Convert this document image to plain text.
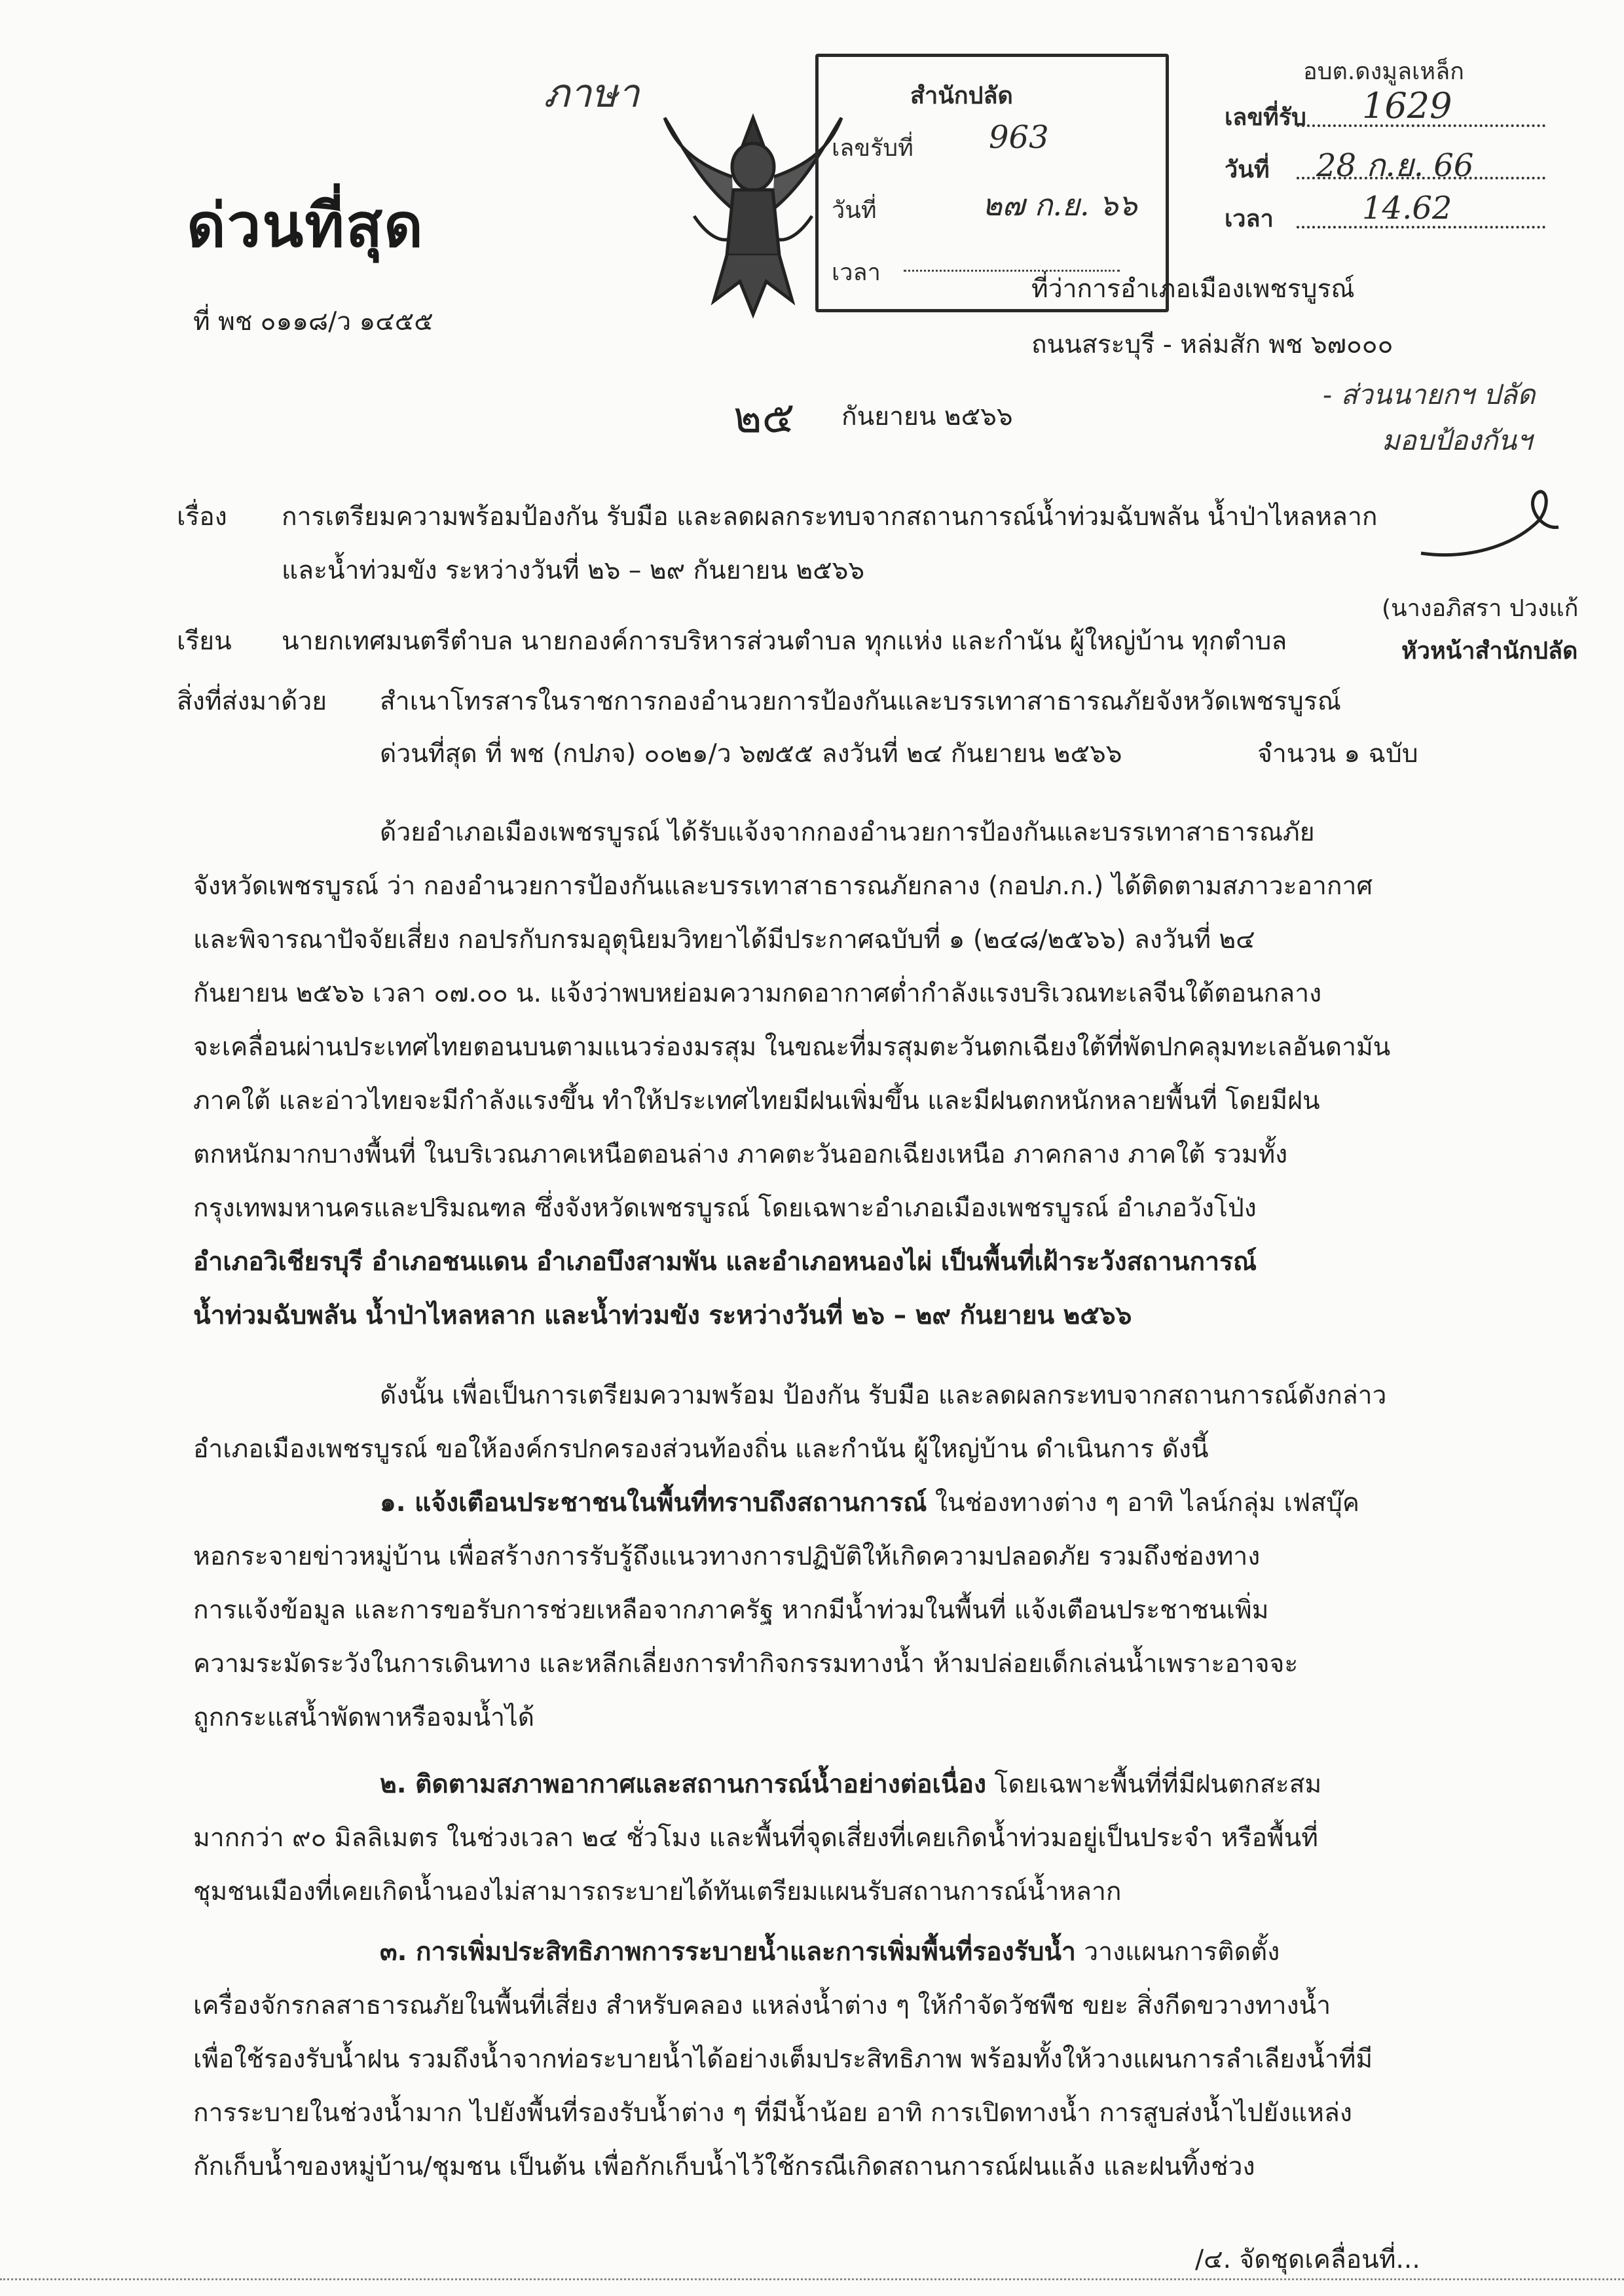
ภาษา
ด่วนที่สุด
ที่ พช ๐๑๑๘/ว ๑๔๕๕
สำนักปลัด
เลขรับที่ 963
วันที่	๒๗ ก.ย. ๖๖
เวลา
อบต.ดงมูลเหล็ก
เลขที่รับ 1629
วันที่ 28 ก.ย. 66
เวลา	14.62
ที่ว่าการอำเภอเมืองเพชรบูรณ์
ถนนสระบุรี - หล่มสัก พช ๖๗๐๐๐
๒๕ กันยายน ๒๕๖๖
- ส่วนนายกฯ ปลัด
มอบป้องกันฯ
(นางอภิสรา ปวงแก้
หัวหน้าสำนักปลัด
เรื่อง การเตรียมความพร้อมป้องกัน รับมือ และลดผลกระทบจากสถานการณ์น้ำท่วมฉับพลัน น้ำป่าไหลหลาก
และน้ำท่วมขัง ระหว่างวันที่ ๒๖ – ๒๙ กันยายน ๒๕๖๖
เรียน นายกเทศมนตรีตำบล นายกองค์การบริหารส่วนตำบล ทุกแห่ง และกำนัน ผู้ใหญ่บ้าน ทุกตำบล
สิ่งที่ส่งมาด้วย สำเนาโทรสารในราชการกองอำนวยการป้องกันและบรรเทาสาธารณภัยจังหวัดเพชรบูรณ์
ด่วนที่สุด ที่ พช (กปภจ) ๐๐๒๑/ว ๖๗๕๕ ลงวันที่ ๒๔ กันยายน ๒๕๖๖	จำนวน ๑ ฉบับ
ด้วยอำเภอเมืองเพชรบูรณ์ ได้รับแจ้งจากกองอำนวยการป้องกันและบรรเทาสาธารณภัย
จังหวัดเพชรบูรณ์ ว่า กองอำนวยการป้องกันและบรรเทาสาธารณภัยกลาง (กอปภ.ก.) ได้ติดตามสภาวะอากาศ
และพิจารณาปัจจัยเสี่ยง กอปรกับกรมอุตุนิยมวิทยาได้มีประกาศฉบับที่ ๑ (๒๔๘/๒๕๖๖) ลงวันที่ ๒๔
กันยายน ๒๕๖๖ เวลา ๐๗.๐๐ น. แจ้งว่าพบหย่อมความกดอากาศต่ำกำลังแรงบริเวณทะเลจีนใต้ตอนกลาง
จะเคลื่อนผ่านประเทศไทยตอนบนตามแนวร่องมรสุม ในขณะที่มรสุมตะวันตกเฉียงใต้ที่พัดปกคลุมทะเลอันดามัน
ภาคใต้ และอ่าวไทยจะมีกำลังแรงขึ้น ทำให้ประเทศไทยมีฝนเพิ่มขึ้น และมีฝนตกหนักหลายพื้นที่ โดยมีฝน
ตกหนักมากบางพื้นที่ ในบริเวณภาคเหนือตอนล่าง ภาคตะวันออกเฉียงเหนือ ภาคกลาง ภาคใต้ รวมทั้ง
กรุงเทพมหานครและปริมณฑล ซึ่งจังหวัดเพชรบูรณ์ โดยเฉพาะอำเภอเมืองเพชรบูรณ์ อำเภอวังโป่ง
อำเภอวิเชียรบุรี อำเภอชนแดน อำเภอบึงสามพัน และอำเภอหนองไผ่ เป็นพื้นที่เฝ้าระวังสถานการณ์
น้ำท่วมฉับพลัน น้ำป่าไหลหลาก และน้ำท่วมขัง ระหว่างวันที่ ๒๖ – ๒๙ กันยายน ๒๕๖๖
ดังนั้น เพื่อเป็นการเตรียมความพร้อม ป้องกัน รับมือ และลดผลกระทบจากสถานการณ์ดังกล่าว
อำเภอเมืองเพชรบูรณ์ ขอให้องค์กรปกครองส่วนท้องถิ่น และกำนัน ผู้ใหญ่บ้าน ดำเนินการ ดังนี้
๑. แจ้งเตือนประชาชนในพื้นที่ทราบถึงสถานการณ์ ในช่องทางต่าง ๆ อาทิ ไลน์กลุ่ม เฟสบุ๊ค
หอกระจายข่าวหมู่บ้าน เพื่อสร้างการรับรู้ถึงแนวทางการปฏิบัติให้เกิดความปลอดภัย รวมถึงช่องทาง
การแจ้งข้อมูล และการขอรับการช่วยเหลือจากภาครัฐ หากมีน้ำท่วมในพื้นที่ แจ้งเตือนประชาชนเพิ่ม
ความระมัดระวังในการเดินทาง และหลีกเลี่ยงการทำกิจกรรมทางน้ำ ห้ามปล่อยเด็กเล่นน้ำเพราะอาจจะ
ถูกกระแสน้ำพัดพาหรือจมน้ำได้
๒. ติดตามสภาพอากาศและสถานการณ์น้ำอย่างต่อเนื่อง โดยเฉพาะพื้นที่ที่มีฝนตกสะสม
มากกว่า ๙๐ มิลลิเมตร ในช่วงเวลา ๒๔ ชั่วโมง และพื้นที่จุดเสี่ยงที่เคยเกิดน้ำท่วมอยู่เป็นประจำ หรือพื้นที่
ชุมชนเมืองที่เคยเกิดน้ำนองไม่สามารถระบายได้ทันเตรียมแผนรับสถานการณ์น้ำหลาก
๓. การเพิ่มประสิทธิภาพการระบายน้ำและการเพิ่มพื้นที่รองรับน้ำ วางแผนการติดตั้ง
เครื่องจักรกลสาธารณภัยในพื้นที่เสี่ยง สำหรับคลอง แหล่งน้ำต่าง ๆ ให้กำจัดวัชพืช ขยะ สิ่งกีดขวางทางน้ำ
เพื่อใช้รองรับน้ำฝน รวมถึงน้ำจากท่อระบายน้ำได้อย่างเต็มประสิทธิภาพ พร้อมทั้งให้วางแผนการลำเลียงน้ำที่มี
การระบายในช่วงน้ำมาก ไปยังพื้นที่รองรับน้ำต่าง ๆ ที่มีน้ำน้อย อาทิ การเปิดทางน้ำ การสูบส่งน้ำไปยังแหล่ง
กักเก็บน้ำของหมู่บ้าน/ชุมชน เป็นต้น เพื่อกักเก็บน้ำไว้ใช้กรณีเกิดสถานการณ์ฝนแล้ง และฝนทิ้งช่วง
/๔. จัดชุดเคลื่อนที่...
